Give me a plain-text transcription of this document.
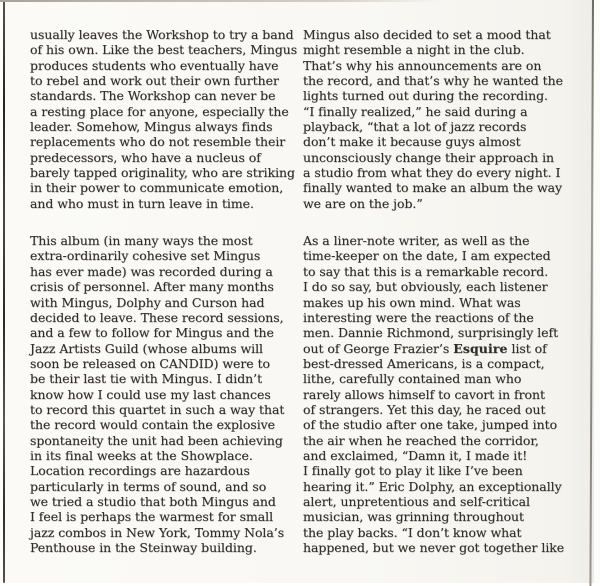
usually leaves the Workshop to try a band
of his own. Like the best teachers, Mingus
produces students who eventually have
to rebel and work out their own further
standards. The Workshop can never be
a resting place for anyone, especially the
leader. Somehow, Mingus always finds
replacements who do not resemble their
predecessors, who have a nucleus of
barely tapped originality, who are striking
in their power to communicate emotion,
and who must in turn leave in time.
This album (in many ways the most
extra-ordinarily cohesive set Mingus
has ever made) was recorded during a
crisis of personnel. After many months
with Mingus, Dolphy and Curson had
decided to leave. These record sessions,
and a few to follow for Mingus and the
Jazz Artists Guild (whose albums will
soon be released on CANDID) were to
be their last tie with Mingus. I didn’t
know how I could use my last chances
to record this quartet in such a way that
the record would contain the explosive
spontaneity the unit had been achieving
in its final weeks at the Showplace.
Location recordings are hazardous
particularly in terms of sound, and so
we tried a studio that both Mingus and
I feel is perhaps the warmest for small
jazz combos in New York, Tommy Nola’s
Penthouse in the Steinway building.
Mingus also decided to set a mood that
might resemble a night in the club.
That’s why his announcements are on
the record, and that’s why he wanted the
lights turned out during the recording.
“I finally realized,” he said during a
playback, “that a lot of jazz records
don’t make it because guys almost
unconsciously change their approach in
a studio from what they do every night. I
finally wanted to make an album the way
we are on the job.”
As a liner-note writer, as well as the
time-keeper on the date, I am expected
to say that this is a remarkable record.
I do so say, but obviously, each listener
makes up his own mind. What was
interesting were the reactions of the
men. Dannie Richmond, surprisingly left
out of George Frazier’s Esquire list of
best-dressed Americans, is a compact,
lithe, carefully contained man who
rarely allows himself to cavort in front
of strangers. Yet this day, he raced out
of the studio after one take, jumped into
the air when he reached the corridor,
and exclaimed, “Damn it, I made it!
I finally got to play it like I’ve been
hearing it.” Eric Dolphy, an exceptionally
alert, unpretentious and self-critical
musician, was grinning throughout
the play backs. “I don’t know what
happened, but we never got together like
